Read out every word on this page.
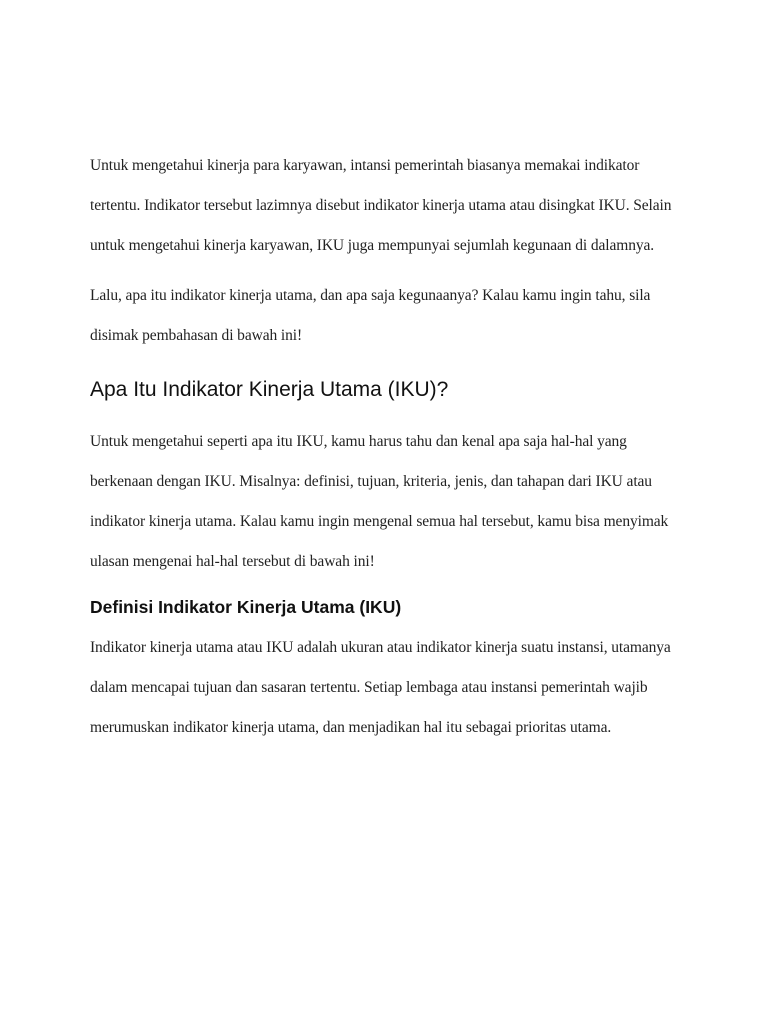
Untuk mengetahui kinerja para karyawan, intansi pemerintah biasanya memakai indikator tertentu. Indikator tersebut lazimnya disebut indikator kinerja utama atau disingkat IKU. Selain untuk mengetahui kinerja karyawan, IKU juga mempunyai sejumlah kegunaan di dalamnya.

Lalu, apa itu indikator kinerja utama, dan apa saja kegunaanya? Kalau kamu ingin tahu, sila disimak pembahasan di bawah ini!

Apa Itu Indikator Kinerja Utama (IKU)?

Untuk mengetahui seperti apa itu IKU, kamu harus tahu dan kenal apa saja hal-hal yang berkenaan dengan IKU. Misalnya: definisi, tujuan, kriteria, jenis, dan tahapan dari IKU atau indikator kinerja utama. Kalau kamu ingin mengenal semua hal tersebut, kamu bisa menyimak ulasan mengenai hal-hal tersebut di bawah ini!

Definisi Indikator Kinerja Utama (IKU)

Indikator kinerja utama atau IKU adalah ukuran atau indikator kinerja suatu instansi, utamanya dalam mencapai tujuan dan sasaran tertentu. Setiap lembaga atau instansi pemerintah wajib merumuskan indikator kinerja utama, dan menjadikan hal itu sebagai prioritas utama.
